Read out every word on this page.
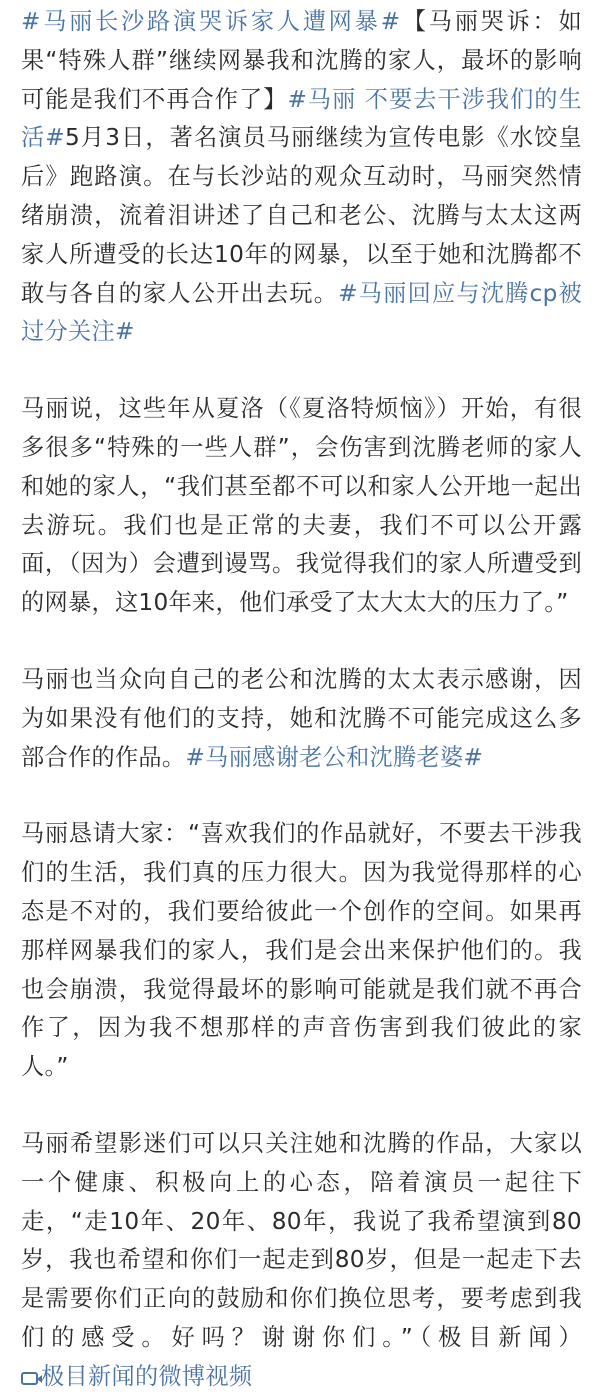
#马丽长沙路演哭诉家人遭网暴#【马丽哭诉：如果“特殊人群”继续网暴我和沈腾的家人，最坏的影响可能是我们不再合作了】#马丽 不要去干涉我们的生活#5月3日，著名演员马丽继续为宣传电影《水饺皇后》跑路演。在与长沙站的观众互动时，马丽突然情绪崩溃，流着泪讲述了自己和老公、沈腾与太太这两家人所遭受的长达10年的网暴，以至于她和沈腾都不敢与各自的家人公开出去玩。#马丽回应与沈腾cp被过分关注#

马丽说，这些年从夏洛（《夏洛特烦恼》）开始，有很多很多“特殊的一些人群”，会伤害到沈腾老师的家人和她的家人，“我们甚至都不可以和家人公开地一起出去游玩。我们也是正常的夫妻，我们不可以公开露面，（因为）会遭到谩骂。我觉得我们的家人所遭受到的网暴，这10年来，他们承受了太大太大的压力了。”

马丽也当众向自己的老公和沈腾的太太表示感谢，因为如果没有他们的支持，她和沈腾不可能完成这么多部合作的作品。#马丽感谢老公和沈腾老婆#

马丽恳请大家：“喜欢我们的作品就好，不要去干涉我们的生活，我们真的压力很大。因为我觉得那样的心态是不对的，我们要给彼此一个创作的空间。如果再那样网暴我们的家人，我们是会出来保护他们的。我也会崩溃，我觉得最坏的影响可能就是我们就不再合作了，因为我不想那样的声音伤害到我们彼此的家人。”

马丽希望影迷们可以只关注她和沈腾的作品，大家以一个健康、积极向上的心态，陪着演员一起往下走，“走10年、20年、80年，我说了我希望演到80岁，我也希望和你们一起走到80岁，但是一起走下去是需要你们正向的鼓励和你们换位思考，要考虑到我们的感受。好吗？谢谢你们。”（极目新闻）极目新闻的微博视频
